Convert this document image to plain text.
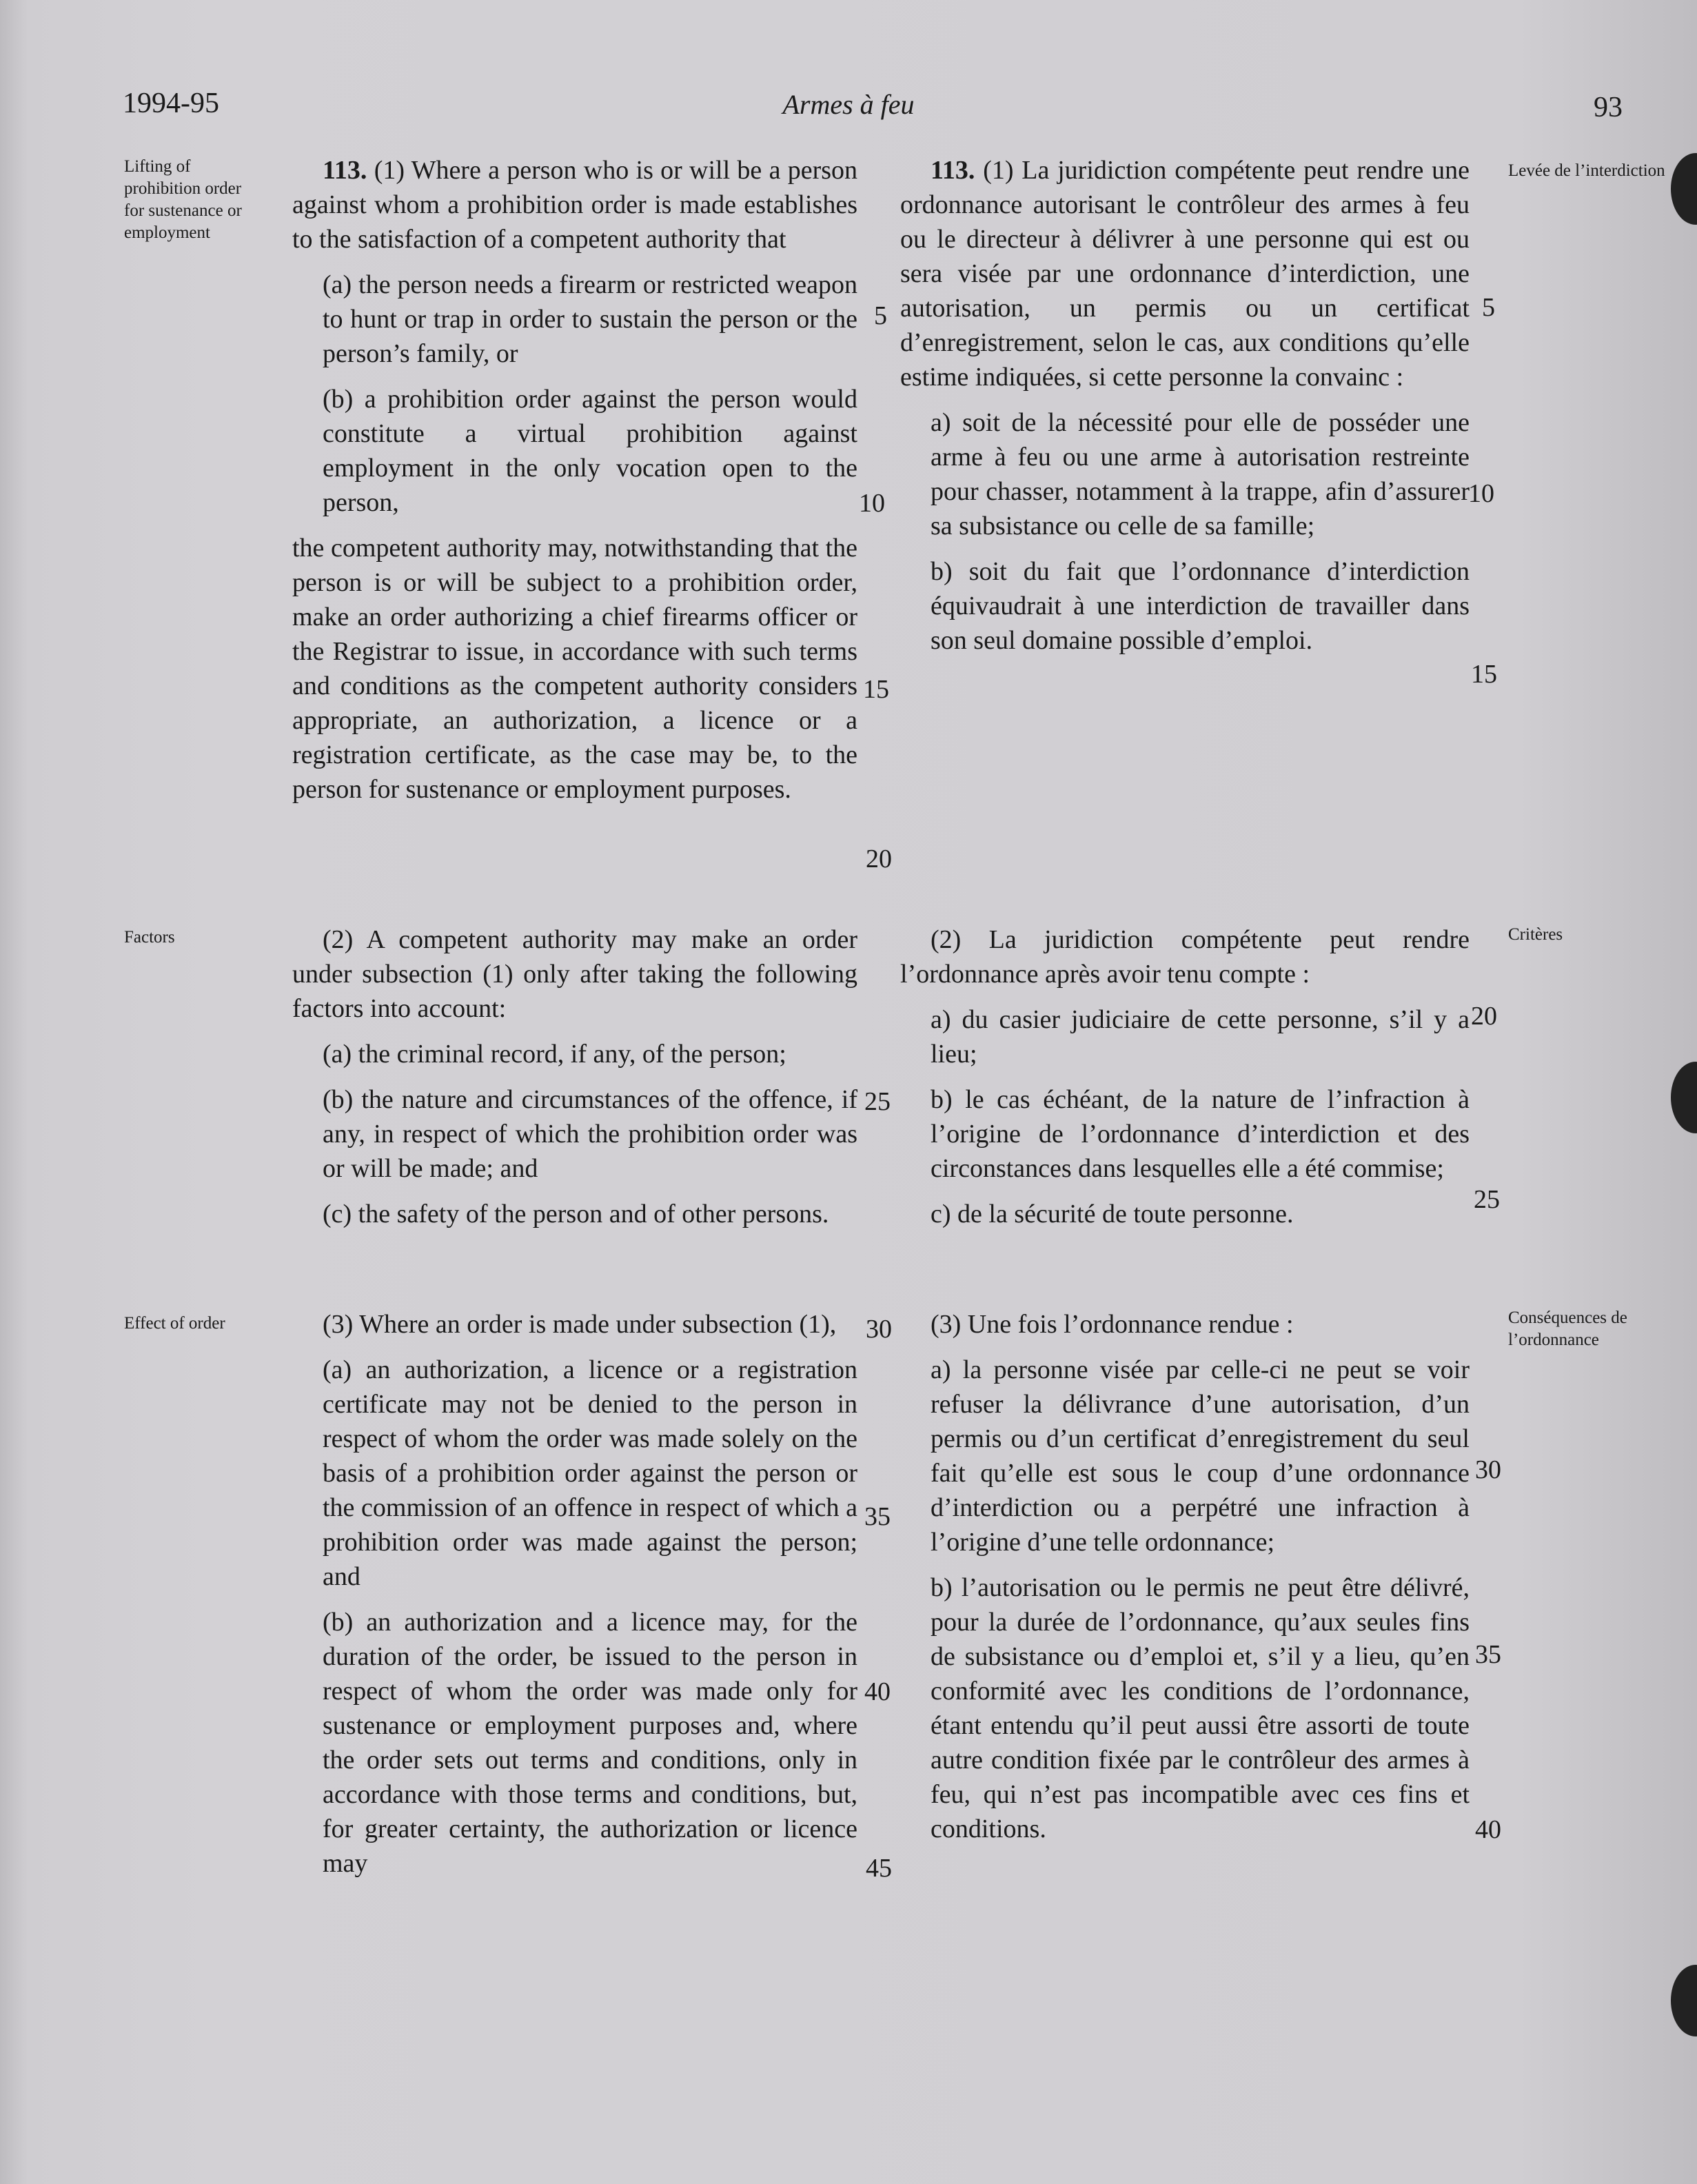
1994-95	Armes à feu	93
Lifting of prohibition order for sustenance or employment
Factors
Effect of order
Levée de l’interdiction
Critères
Conséquences de l’ordonnance

113. (1) Where a person who is or will be a person against whom a prohibition order is made establishes to the satisfaction of a competent authority that

(a) the person needs a firearm or restricted weapon to hunt or trap in order to sustain the person or the person’s family, or

(b) a prohibition order against the person would constitute a virtual prohibition against employment in the only vocation open to the person,

the competent authority may, notwithstanding that the person is or will be subject to a prohibition order, make an order authorizing a chief firearms officer or the Registrar to issue, in accordance with such terms and conditions as the competent authority considers appropriate, an authorization, a licence or a registration certificate, as the case may be, to the person for sustenance or employment purposes.

(2) A competent authority may make an order under subsection (1) only after taking the following factors into account:

(a) the criminal record, if any, of the person;

(b) the nature and circumstances of the offence, if any, in respect of which the prohibition order was or will be made; and

(c) the safety of the person and of other persons.

(3) Where an order is made under subsection (1),

(a) an authorization, a licence or a registration certificate may not be denied to the person in respect of whom the order was made solely on the basis of a prohibition order against the person or the commission of an offence in respect of which a prohibition order was made against the person; and

(b) an authorization and a licence may, for the duration of the order, be issued to the person in respect of whom the order was made only for sustenance or employment purposes and, where the order sets out terms and conditions, only in accordance with those terms and conditions, but, for greater certainty, the authorization or licence may

113. (1) La juridiction compétente peut rendre une ordonnance autorisant le contrôleur des armes à feu ou le directeur à délivrer à une personne qui est ou sera visée par une ordonnance d’interdiction, une autorisation, un permis ou un certificat d’enregistrement, selon le cas, aux conditions qu’elle estime indiquées, si cette personne la convainc :

a) soit de la nécessité pour elle de posséder une arme à feu ou une arme à autorisation restreinte pour chasser, notamment à la trappe, afin d’assurer sa subsistance ou celle de sa famille;

b) soit du fait que l’ordonnance d’interdiction équivaudrait à une interdiction de travailler dans son seul domaine possible d’emploi.

(2) La juridiction compétente peut rendre l’ordonnance après avoir tenu compte :

a) du casier judiciaire de cette personne, s’il y a lieu;

b) le cas échéant, de la nature de l’infraction à l’origine de l’ordonnance d’interdiction et des circonstances dans lesquelles elle a été commise;

c) de la sécurité de toute personne.

(3) Une fois l’ordonnance rendue :

a) la personne visée par celle-ci ne peut se voir refuser la délivrance d’une autorisation, d’un permis ou d’un certificat d’enregistrement du seul fait qu’elle est sous le coup d’une ordonnance d’interdiction ou a perpétré une infraction à l’origine d’une telle ordonnance;

b) l’autorisation ou le permis ne peut être délivré, pour la durée de l’ordonnance, qu’aux seules fins de subsistance ou d’emploi et, s’il y a lieu, qu’en conformité avec les conditions de l’ordonnance, étant entendu qu’il peut aussi être assorti de toute autre condition fixée par le contrôleur des armes à feu, qui n’est pas incompatible avec ces fins et conditions.

5
10
15
20
25
30
35
40
45
5
10
15
20
25
30
35
40
